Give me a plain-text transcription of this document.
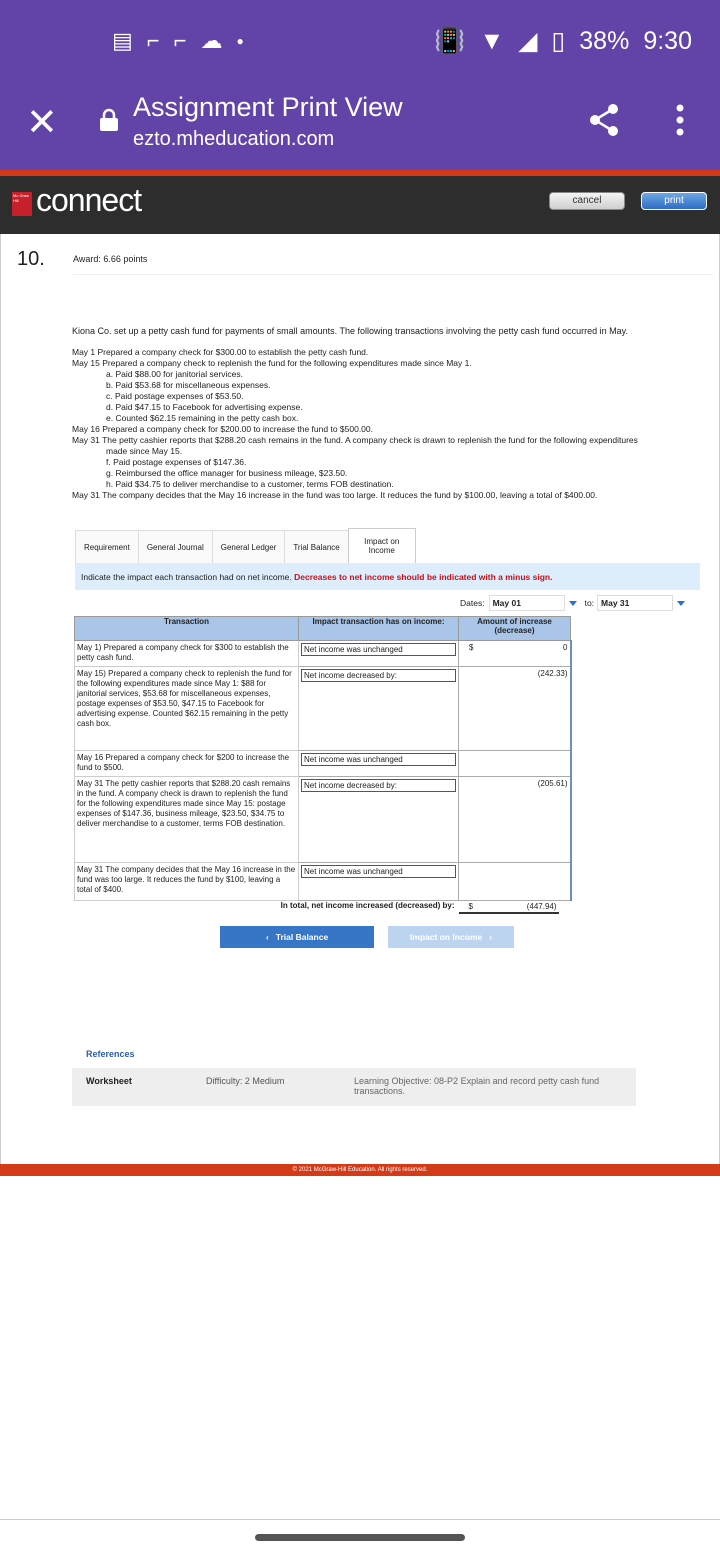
▤ ⌐ ⌐ ☁ ●	📳 ▼ ◢ ▯ 38% 9:30
✕	Assignment Print View
ezto.mheducation.com
Mc Graw Hill connect	cancel	print
10.	Award: 6.66 points
Kiona Co. set up a petty cash fund for payments of small amounts. The following transactions involving the petty cash fund occurred in May.
May 1 Prepared a company check for $300.00 to establish the petty cash fund.
May 15 Prepared a company check to replenish the fund for the following expenditures made since May 1.
a. Paid $88.00 for janitorial services.
b. Paid $53.68 for miscellaneous expenses.
c. Paid postage expenses of $53.50.
d. Paid $47.15 to Facebook for advertising expense.
e. Counted $62.15 remaining in the petty cash box.
May 16 Prepared a company check for $200.00 to increase the fund to $500.00.
May 31 The petty cashier reports that $288.20 cash remains in the fund. A company check is drawn to replenish the fund for the following expenditures
made since May 15.
f. Paid postage expenses of $147.36.
g. Reimbursed the office manager for business mileage, $23.50.
h. Paid $34.75 to deliver merchandise to a customer, terms FOB destination.
May 31 The company decides that the May 16 increase in the fund was too large. It reduces the fund by $100.00, leaving a total of $400.00.
Requirement	General Journal	General Ledger	Trial Balance
Impact on Income
Indicate the impact each transaction had on net income. Decreases to net income should be indicated with a minus sign.
Dates: May 01	to: May 31
Transaction	Impact transaction has on income:	Amount of increase (decrease)
May 1) Prepared a company check for $300 to establish the petty cash fund.	Net income was unchanged	$ 0
May 15) Prepared a company check to replenish the fund for the following expenditures made since May 1: $88 for janitorial services, $53.68 for miscellaneous expenses, postage expenses of $53.50, $47.15 to Facebook for advertising expense. Counted $62.15 remaining in the petty cash box.	Net income decreased by:	(242.33)
May 16 Prepared a company check for $200 to increase the fund to $500.	Net income was unchanged	

May 31 The petty cashier reports that $288.20 cash remains in the fund. A company check is drawn to replenish the fund for the following expenditures made since May 15: postage expenses of $147.36, business mileage, $23.50, $34.75 to deliver merchandise to a customer, terms FOB destination.	Net income decreased by:	(205.61)
May 31 The company decides that the May 16 increase in the fund was too large. It reduces the fund by $100, leaving a total of $400.	Net income was unchanged	

In total, net income increased (decreased) by:	$	(447.94)
‹   Trial Balance	Impact on Income   ›
References
Worksheet	Difficulty: 2 Medium	Learning Objective: 08-P2 Explain and record petty cash fund transactions.
© 2021 McGraw-Hill Education. All rights reserved.
